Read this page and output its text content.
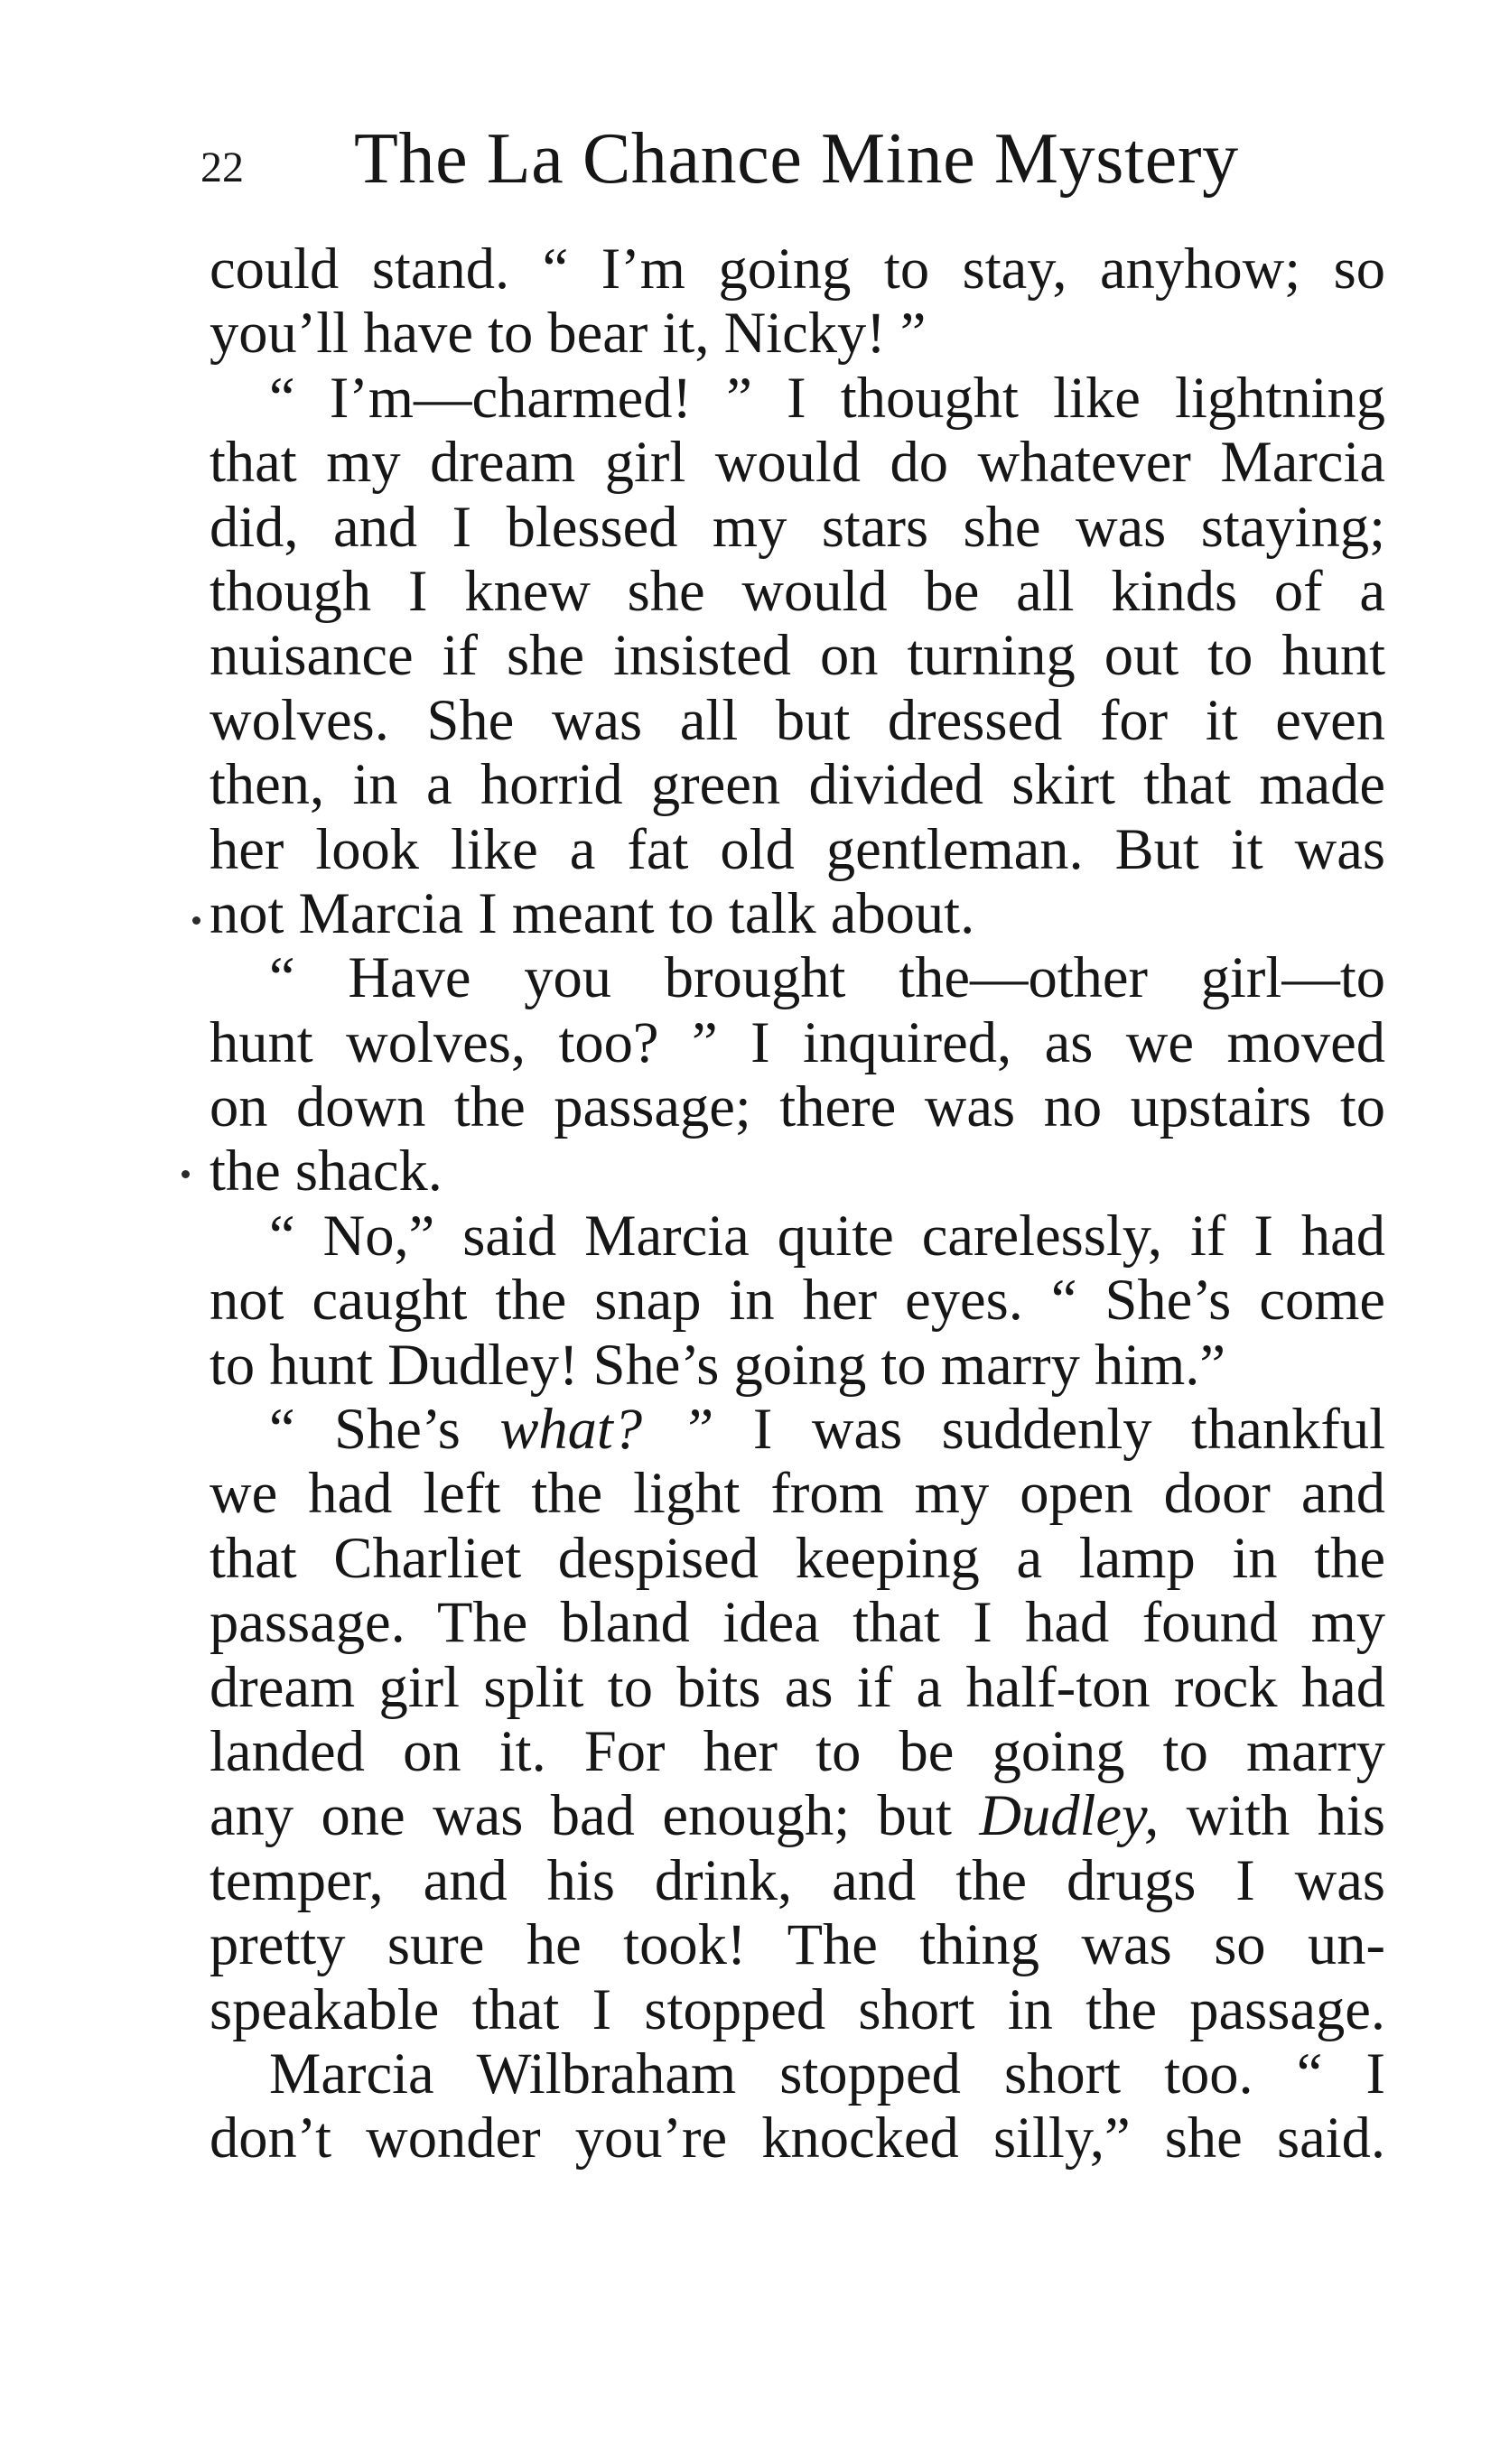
22 The La Chance Mine Mystery
could stand. “ I’m going to stay, anyhow; so
you’ll have to bear it, Nicky! ”
“ I’m—charmed! ” I thought like lightning
that my dream girl would do whatever Marcia
did, and I blessed my stars she was staying;
though I knew she would be all kinds of a
nuisance if she insisted on turning out to hunt
wolves. She was all but dressed for it even
then, in a horrid green divided skirt that made
her look like a fat old gentleman. But it was
not Marcia I meant to talk about.
“ Have you brought the—other girl—to
hunt wolves, too? ” I inquired, as we moved
on down the passage; there was no upstairs to
the shack.
“ No,” said Marcia quite carelessly, if I had
not caught the snap in her eyes. “ She’s come
to hunt Dudley! She’s going to marry him.”
“ She’s what? ” I was suddenly thankful
we had left the light from my open door and
that Charliet despised keeping a lamp in the
passage. The bland idea that I had found my
dream girl split to bits as if a half-ton rock had
landed on it. For her to be going to marry
any one was bad enough; but Dudley, with his
temper, and his drink, and the drugs I was
pretty sure he took! The thing was so un-
speakable that I stopped short in the passage.
Marcia Wilbraham stopped short too. “ I
don’t wonder you’re knocked silly,” she said.
